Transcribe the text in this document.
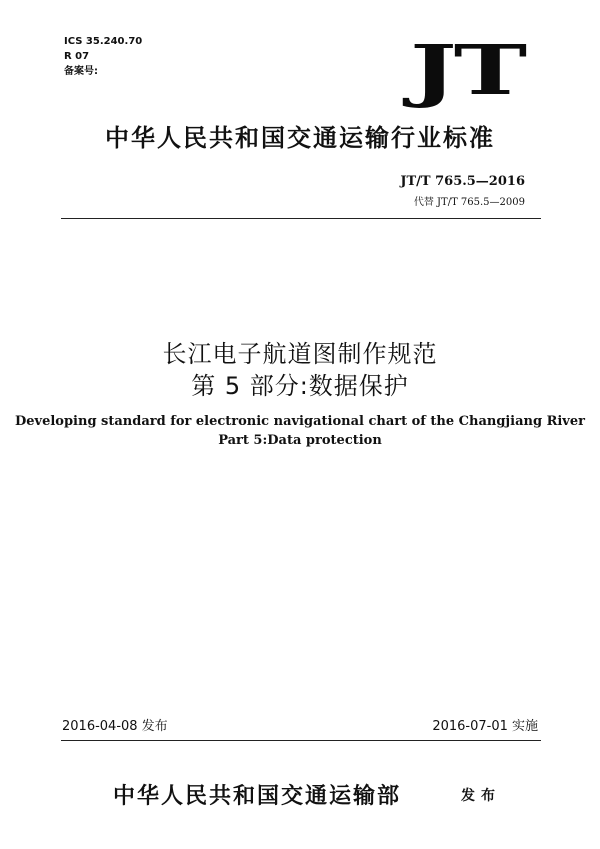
ICS 35.240.70
R 07
备案号:	JT
中华人民共和国交通运输行业标准
JT/T 765.5—2016
代替 JT/T 765.5—2009
长江电子航道图制作规范
第 5 部分:数据保护
Developing standard for electronic navigational chart of the Changjiang River
Part 5:Data protection
2016-04-08 发布	2016-07-01 实施
中华人民共和国交通运输部	发布
